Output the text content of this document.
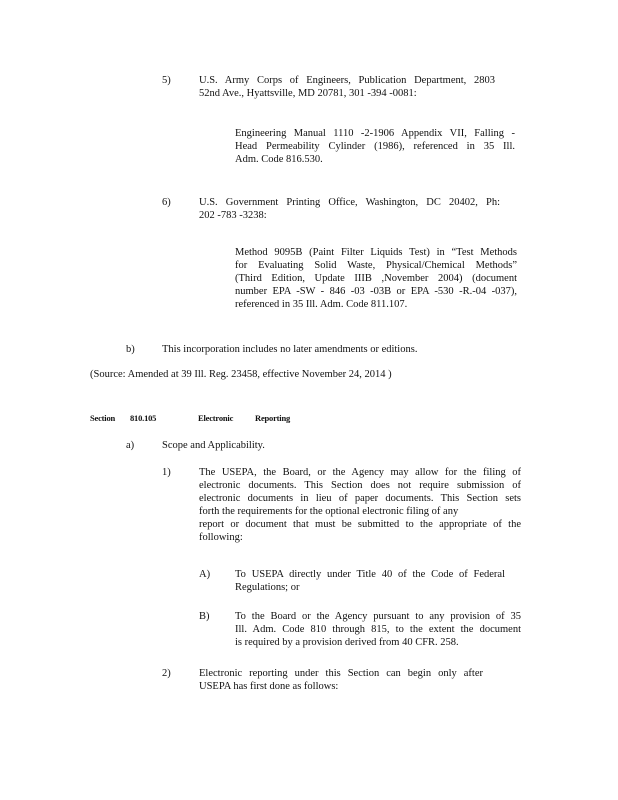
5)	U.S. Army Corps of Engineers, Publication Department, 2803
52nd Ave., Hyattsville, MD 20781, 301 -394 -0081:
Engineering Manual 1110 -2-1906 Appendix VII, Falling -
Head Permeability Cylinder (1986), referenced in 35 Ill.
Adm. Code 816.530.
6)	U.S. Government Printing Office, Washington, DC 20402, Ph:
202 -783 -3238:
Method 9095B (Paint Filter Liquids Test) in “Test Methods
for Evaluating Solid Waste, Physical/Chemical Methods”
(Third Edition, Update IIIB ,November 2004) (document
number EPA -SW - 846 -03 -03B or EPA -530 -R.-04 -037),
referenced in 35 Ill. Adm. Code 811.107.
b)	This incorporation includes no later amendments or editions.
(Source: Amended at 39 Ill. Reg. 23458, effective November 24, 2014 )
Section 810.105	Electronic	Reporting
a)	Scope and Applicability.
1)	The USEPA, the Board, or the Agency may allow for the filing of
electronic documents. This Section does not require submission of
electronic documents in lieu of paper documents. This Section sets
forth the requirements for the optional electronic filing of any
report or document that must be submitted to the appropriate of the
following:
A) To USEPA directly under Title 40 of the Code of Federal
Regulations; or
B) To the Board or the Agency pursuant to any provision of 35
Ill. Adm. Code 810 through 815, to the extent the document
is required by a provision derived from 40 CFR. 258.
2)	Electronic reporting under this Section can begin only after
USEPA has first done as follows:
